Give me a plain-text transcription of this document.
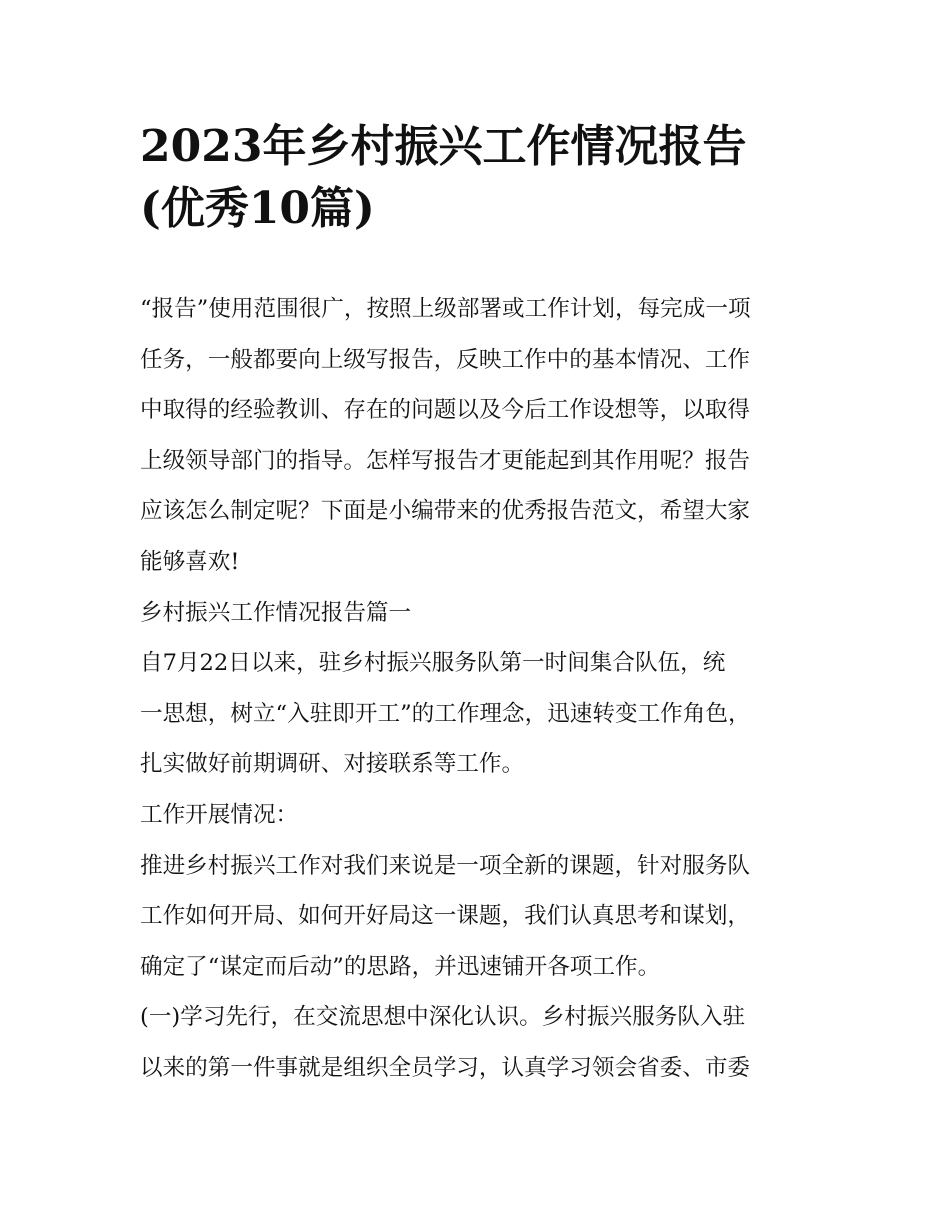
2023年乡村振兴工作情况报告
(优秀10篇)
“报告”使用范围很广，按照上级部署或工作计划，每完成一项
任务，一般都要向上级写报告，反映工作中的基本情况、工作
中取得的经验教训、存在的问题以及今后工作设想等，以取得
上级领导部门的指导。怎样写报告才更能起到其作用呢？报告
应该怎么制定呢？下面是小编带来的优秀报告范文，希望大家
能够喜欢!
乡村振兴工作情况报告篇一
自7月22日以来，驻乡村振兴服务队第一时间集合队伍，统
一思想，树立“入驻即开工”的工作理念，迅速转变工作角色，
扎实做好前期调研、对接联系等工作。
工作开展情况：
推进乡村振兴工作对我们来说是一项全新的课题，针对服务队
工作如何开局、如何开好局这一课题，我们认真思考和谋划，
确定了“谋定而后动”的思路，并迅速铺开各项工作。
(一)学习先行，在交流思想中深化认识。乡村振兴服务队入驻
以来的第一件事就是组织全员学习，认真学习领会省委、市委
